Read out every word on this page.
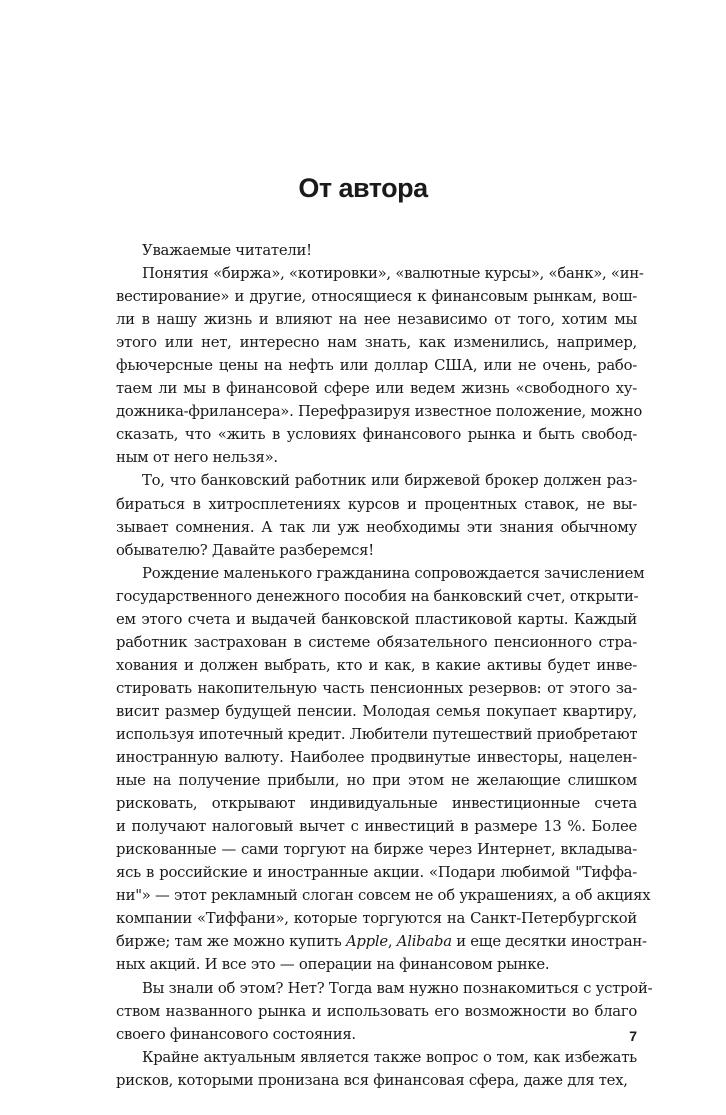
От автора
Уважаемые читатели!
Понятия «биржа», «котировки», «валютные курсы», «банк», «ин-
вестирование» и другие, относящиеся к финансовым рынкам, вош-
ли в нашу жизнь и влияют на нее независимо от того, хотим мы
этого или нет, интересно нам знать, как изменились, например,
фьючерсные цены на нефть или доллар США, или не очень, рабо-
таем ли мы в финансовой сфере или ведем жизнь «свободного ху-
дожника-фрилансера». Перефразируя известное положение, можно
сказать, что «жить в условиях финансового рынка и быть свобод-
ным от него нельзя».
То, что банковский работник или биржевой брокер должен раз-
бираться в хитросплетениях курсов и процентных ставок, не вы-
зывает сомнения. А так ли уж необходимы эти знания обычному
обывателю? Давайте разберемся!
Рождение маленького гражданина сопровождается зачислением
государственного денежного пособия на банковский счет, открыти-
ем этого счета и выдачей банковской пластиковой карты. Каждый
работник застрахован в системе обязательного пенсионного стра-
хования и должен выбрать, кто и как, в какие активы будет инве-
стировать накопительную часть пенсионных резервов: от этого за-
висит размер будущей пенсии. Молодая семья покупает квартиру,
используя ипотечный кредит. Любители путешествий приобретают
иностранную валюту. Наиболее продвинутые инвесторы, нацелен-
ные на получение прибыли, но при этом не желающие слишком
рисковать, открывают индивидуальные инвестиционные счета
и получают налоговый вычет с инвестиций в размере 13 %. Более
рискованные — сами торгуют на бирже через Интернет, вкладыва-
ясь в российские и иностранные акции. «Подари любимой "Тиффа-
ни"» — этот рекламный слоган совсем не об украшениях, а об акциях
компании «Тиффани», которые торгуются на Санкт-Петербургской
бирже; там же можно купить Apple, Alibaba и еще десятки иностран-
ных акций. И все это — операции на финансовом рынке.
Вы знали об этом? Нет? Тогда вам нужно познакомиться с устрой-
ством названного рынка и использовать его возможности во благо
своего финансового состояния.
Крайне актуальным является также вопрос о том, как избежать
рисков, которыми пронизана вся финансовая сфера, даже для тех,
7
